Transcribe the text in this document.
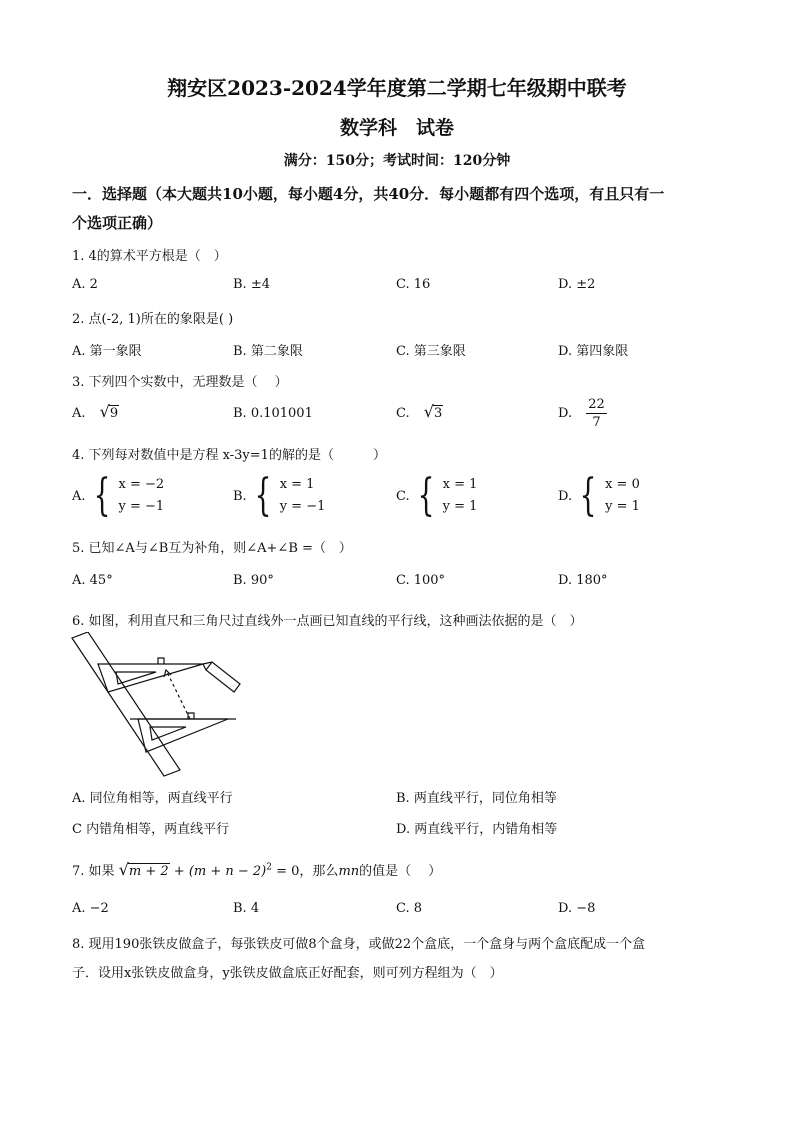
翔安区2023-2024学年度第二学期七年级期中联考
数学科　试卷
满分：150分；考试时间：120分钟
一．选择题（本大题共10小题，每小题4分，共40分．每小题都有四个选项，有且只有一
个选项正确）
1. 4的算术平方根是（　）
A. 2	B. ±4	C. 16	D. ±2
2. 点(-2, 1)所在的象限是( )
A. 第一象限	B. 第二象限	C. 第三象限	D. 第四象限
3. 下列四个实数中，无理数是（　 ）
A. √ 9	B. 0.101001	C. √ 3	D. $\frac{22}{7}$
4. 下列每对数值中是方程 x-3y=1的解的是（　　　）
A. { x = −2
y = −1
B. { x = 1
y = −1
C. { x = 1
y = 1
D. { x = 0
y = 1
5. 已知∠A与∠B互为补角，则∠A+∠B =（　）
A. 45°	B. 90°	C. 100°	D. 180°
6. 如图，利用直尺和三角尺过直线外一点画已知直线的平行线，这种画法依据的是（　）
A. 同位角相等，两直线平行	B. 两直线平行，同位角相等
C 内错角相等，两直线平行	D. 两直线平行，内错角相等
7. 如果 √ $m + 2 + (m + n - 2)^2 = 0$，那么mn的值是（　 ）
A. −2	B. 4	C. 8	D. −8
8. 现用190张铁皮做盒子，每张铁皮可做8个盒身，或做22个盒底，一个盒身与两个盒底配成一个盒
子．设用x张铁皮做盒身，y张铁皮做盒底正好配套，则可列方程组为（　）
